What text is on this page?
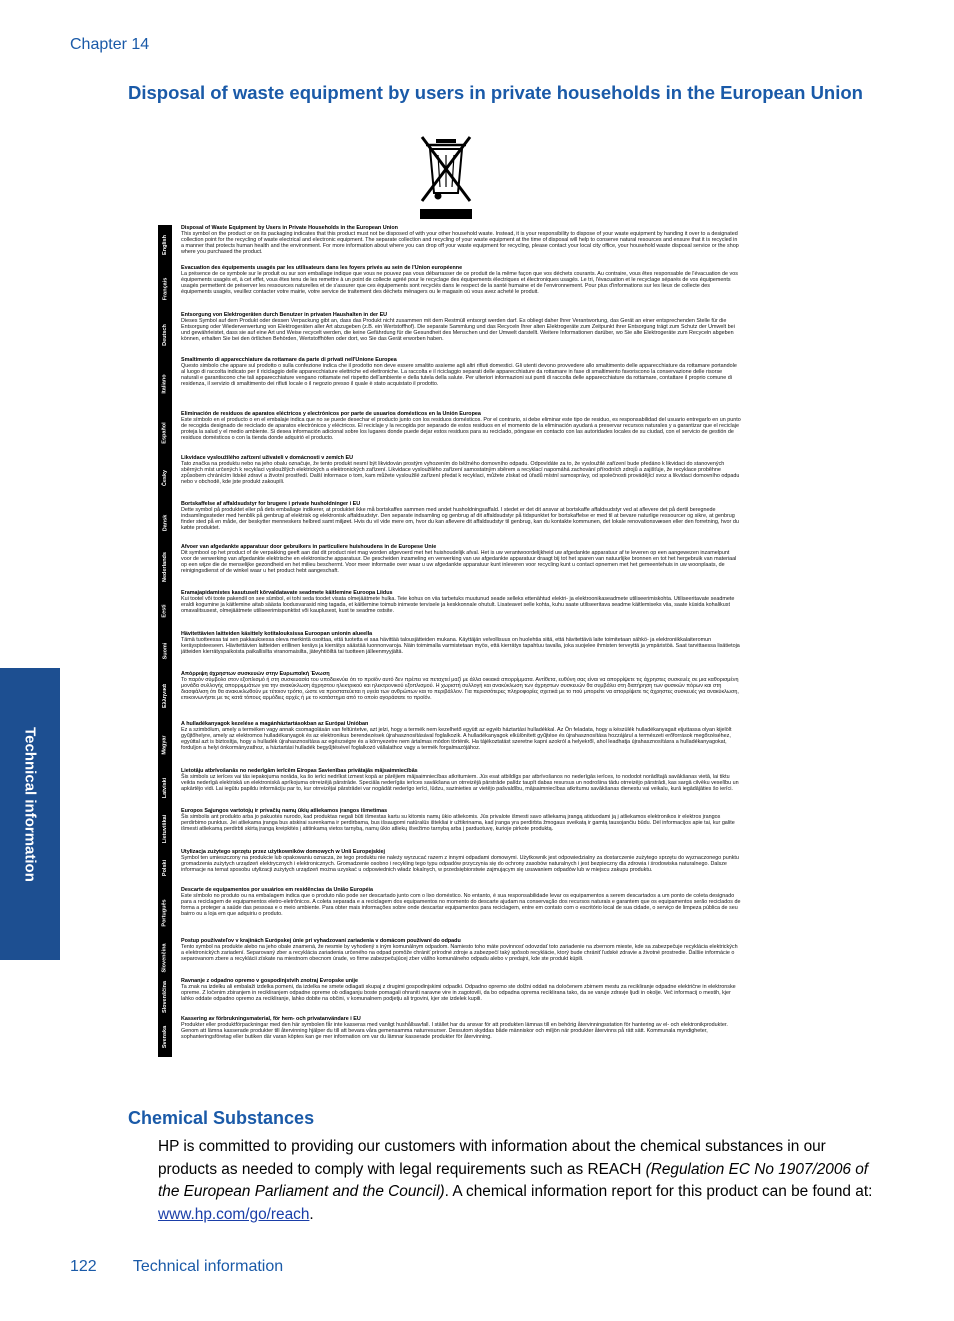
Chapter 14
Disposal of waste equipment by users in private households in the European Union
English
Français
Deutsch
Italiano
Español
Česky
Dansk
Nederlands
Eesti
Suomi
Ελληνικά
Magyar
Latviski
Lietuviškai
Polski
Português
Slovenčina
Slovenščina
Svenska
Disposal of Waste Equipment by Users in Private Households in the European Union
This symbol on the product or on its packaging indicates that this product must not be disposed of with your other household waste. Instead, it is your responsibility to dispose of your waste equipment by handing it over to a designated collection point for the recycling of waste electrical and electronic equipment. The separate collection and recycling of your waste equipment at the time of disposal will help to conserve natural resources and ensure that it is recycled in a manner that protects human health and the environment. For more information about where you can drop off your waste equipment for recycling, please contact your local city office, your household waste disposal service or the shop where you purchased the product.
Évacuation des équipements usagés par les utilisateurs dans les foyers privés au sein de l'Union européenne
La présence de ce symbole sur le produit ou sur son emballage indique que vous ne pouvez pas vous débarrasser de ce produit de la même façon que vos déchets courants. Au contraire, vous êtes responsable de l'évacuation de vos équipements usagés et, à cet effet, vous êtes tenu de les remettre à un point de collecte agréé pour le recyclage des équipements électriques et électroniques usagés. Le tri, l'évacuation et le recyclage séparés de vos équipements usagés permettent de préserver les ressources naturelles et de s'assurer que ces équipements sont recyclés dans le respect de la santé humaine et de l'environnement. Pour plus d'informations sur les lieux de collecte des équipements usagés, veuillez contacter votre mairie, votre service de traitement des déchets ménagers ou le magasin où vous avez acheté le produit.
Entsorgung von Elektrogeräten durch Benutzer in privaten Haushalten in der EU
Dieses Symbol auf dem Produkt oder dessen Verpackung gibt an, dass das Produkt nicht zusammen mit dem Restmüll entsorgt werden darf. Es obliegt daher Ihrer Verantwortung, das Gerät an einer entsprechenden Stelle für die Entsorgung oder Wiederverwertung von Elektrogeräten aller Art abzugeben (z.B. ein Wertstoffhof). Die separate Sammlung und das Recyceln Ihrer alten Elektrogeräte zum Zeitpunkt ihrer Entsorgung trägt zum Schutz der Umwelt bei und gewährleistet, dass sie auf eine Art und Weise recycelt werden, die keine Gefährdung für die Gesundheit des Menschen und der Umwelt darstellt. Weitere Informationen darüber, wo Sie alte Elektrogeräte zum Recyceln abgeben können, erhalten Sie bei den örtlichen Behörden, Wertstoffhöfen oder dort, wo Sie das Gerät erworben haben.
Smaltimento di apparecchiature da rottamare da parte di privati nell'Unione Europea
Questo simbolo che appare sul prodotto o sulla confezione indica che il prodotto non deve essere smaltito assieme agli altri rifiuti domestici. Gli utenti devono provvedere allo smaltimento delle apparecchiature da rottamare portandole al luogo di raccolta indicato per il riciclaggio delle apparecchiature elettriche ed elettroniche. La raccolta e il riciclaggio separati delle apparecchiature da rottamare in fase di smaltimento favoriscono la conservazione delle risorse naturali e garantiscono che tali apparecchiature vengano rottamate nel rispetto dell'ambiente e della tutela della salute. Per ulteriori informazioni sui punti di raccolta delle apparecchiature da rottamare, contattare il proprio comune di residenza, il servizio di smaltimento dei rifiuti locale o il negozio presso il quale è stato acquistato il prodotto.
Eliminación de residuos de aparatos eléctricos y electrónicos por parte de usuarios domésticos en la Unión Europea
Este símbolo en el producto o en el embalaje indica que no se puede desechar el producto junto con los residuos domésticos. Por el contrario, si debe eliminar este tipo de residuo, es responsabilidad del usuario entregarlo en un punto de recogida designado de reciclado de aparatos electrónicos y eléctricos. El reciclaje y la recogida por separado de estos residuos en el momento de la eliminación ayudará a preservar recursos naturales y a garantizar que el reciclaje proteja la salud y el medio ambiente. Si desea información adicional sobre los lugares donde puede dejar estos residuos para su reciclado, póngase en contacto con las autoridades locales de su ciudad, con el servicio de gestión de residuos domésticos o con la tienda donde adquirió el producto.
Likvidace vysloužilého zařízení uživateli v domácnosti v zemích EU
Tato značka na produktu nebo na jeho obalu označuje, že tento produkt nesmí být likvidován prostým vyhozením do běžného domovního odpadu. Odpovídáte za to, že vysloužilé zařízení bude předáno k likvidaci do stanovených sběrných míst určených k recyklaci vysloužilých elektrických a elektronických zařízení. Likvidace vysloužilého zařízení samostatným sběrem a recyklací napomáhá zachování přírodních zdrojů a zajišťuje, že recyklace proběhne způsobem chránícím lidské zdraví a životní prostředí. Další informace o tom, kam můžete vysloužilé zařízení předat k recyklaci, můžete získat od úřadů místní samosprávy, od společnosti provádějící svoz a likvidaci domovního odpadu nebo v obchodě, kde jste produkt zakoupili.
Bortskaffelse af affaldsudstyr for brugere i private husholdninger i EU
Dette symbol på produktet eller på dets emballage indikerer, at produktet ikke må bortskaffes sammen med andet husholdningsaffald. I stedet er det dit ansvar at bortskaffe affaldsudstyr ved at aflevere det på dertil beregnede indsamlingssteder med henblik på genbrug af elektrisk og elektronisk affaldsudstyr. Den separate indsamling og genbrug af dit affaldsudstyr på tidspunktet for bortskaffelse er med til at bevare naturlige ressourcer og sikre, at genbrug finder sted på en måde, der beskytter menneskers helbred samt miljøet. Hvis du vil vide mere om, hvor du kan aflevere dit affaldsudstyr til genbrug, kan du kontakte kommunen, det lokale renovationsvæsen eller den forretning, hvor du købte produktet.
Afvoer van afgedankte apparatuur door gebruikers in particuliere huishoudens in de Europese Unie
Dit symbool op het product of de verpakking geeft aan dat dit product niet mag worden afgevoerd met het huishoudelijk afval. Het is uw verantwoordelijkheid uw afgedankte apparatuur af te leveren op een aangewezen inzamelpunt voor de verwerking van afgedankte elektrische en elektronische apparatuur. De gescheiden inzameling en verwerking van uw afgedankte apparatuur draagt bij tot het sparen van natuurlijke bronnen en tot het hergebruik van materiaal op een wijze die de menselijke gezondheid en het milieu beschermt. Voor meer informatie over waar u uw afgedankte apparatuur kunt inleveren voor recycling kunt u contact opnemen met het gemeentehuis in uw woonplaats, de reinigingsdienst of de winkel waar u het product hebt aangeschaft.
Eramajapidamistes kasutuselt kõrvaldatavate seadmete käitlemine Euroopa Liidus
Kui tootel või toote pakendil on see sümbol, ei tohi seda toodet visata olmejäätmete hulka. Teie kohus on viia tarbetuks muutunud seade selleks ettenähtud elektri- ja elektroonikaseadmete utiliseerimiskohta. Utiliseeritavate seadmete eraldi kogumine ja käitlemine aitab säästa loodusvarasid ning tagada, et käitlemine toimub inimeste tervisele ja keskkonnale ohutult. Lisateavet selle kohta, kuhu saate utiliseeritava seadme käitlemiseks viia, saate küsida kohalikust omavalitsusest, olmejäätmete utiliseerimispunktist või kauplusest, kust te seadme ostsite.
Hävitettävien laitteiden käsittely kotitalouksissa Euroopan unionin alueella
Tämä tuotteessa tai sen pakkauksessa oleva merkintä osoittaa, että tuotetta ei saa hävittää talousjätteiden mukana. Käyttäjän velvollisuus on huolehtia siitä, että hävitettävä laite toimitetaan sähkö- ja elektroniikkalaiteromun keräyspisteeseen. Hävitettävien laitteiden erillinen keräys ja kierrätys säästää luonnonvaroja. Näin toimimalla varmistetaan myös, että kierrätys tapahtuu tavalla, joka suojelee ihmisten terveyttä ja ympäristöä. Saat tarvittaessa lisätietoja jätteiden kierrätyspaikoista paikallisilta viranomaisilta, jäteyhtiöiltä tai tuotteen jälleenmyyjältä.
Απόρριψη άχρηστων συσκευών στην Ευρωπαϊκή Ένωση
Το παρόν σύμβολο στον εξοπλισμό ή στη συσκευασία του υποδεικνύει ότι το προϊόν αυτό δεν πρέπει να πεταχτεί μαζί με άλλα οικιακά απορρίμματα. Αντίθετα, ευθύνη σας είναι να απορρίψετε τις άχρηστες συσκευές σε μια καθορισμένη μονάδα συλλογής απορριμμάτων για την ανακύκλωση άχρηστου ηλεκτρικού και ηλεκτρονικού εξοπλισμού. Η χωριστή συλλογή και ανακύκλωση των άχρηστων συσκευών θα συμβάλει στη διατήρηση των φυσικών πόρων και στη διασφάλιση ότι θα ανακυκλωθούν με τέτοιον τρόπο, ώστε να προστατεύεται η υγεία των ανθρώπων και το περιβάλλον. Για περισσότερες πληροφορίες σχετικά με το πού μπορείτε να απορρίψετε τις άχρηστες συσκευές για ανακύκλωση, επικοινωνήστε με τις κατά τόπους αρμόδιες αρχές ή με το κατάστημα από το οποίο αγοράσατε το προϊόν.
A hulladékanyagok kezelése a magánháztartásokban az Európai Unióban
Ez a szimbólum, amely a terméken vagy annak csomagolásán van feltüntetve, azt jelzi, hogy a termék nem kezelhető együtt az egyéb háztartási hulladékkal. Az Ön feladata, hogy a készülék hulladékanyagait eljuttassa olyan kijelölt gyűjtőhelyre, amely az elektromos hulladékanyagok és az elektronikus berendezések újrahasznosításával foglalkozik. A hulladékanyagok elkülönített gyűjtése és újrahasznosítása hozzájárul a természeti erőforrások megőrzéséhez, egyúttal azt is biztosítja, hogy a hulladék újrahasznosítása az egészségre és a környezetre nem ártalmas módon történik. Ha tájékoztatást szeretne kapni azokról a helyekről, ahol leadhatja újrahasznosításra a hulladékanyagokat, forduljon a helyi önkormányzathoz, a háztartási hulladék begyűjtésével foglalkozó vállalathoz vagy a termék forgalmazójához.
Lietotāju atbrīvošanās no nederīgām ierīcēm Eiropas Savienības privātajās mājsaimniecībās
Šis simbols uz ierīces vai tās iepakojuma norāda, ka šo ierīci nedrīkst izmest kopā ar pārējiem mājsaimniecības atkritumiem. Jūs esat atbildīgs par atbrīvošanos no nederīgās ierīces, to nododot norādītajā savākšanas vietā, lai tiktu veikta nederīgā elektriskā un elektroniskā aprīkojuma otrreizējā pārstrāde. Speciāla nederīgās ierīces savākšana un otrreizējā pārstrāde palīdz taupīt dabas resursus un nodrošina tādu otrreizējo pārstrādi, kas sargā cilvēku veselību un apkārtējo vidi. Lai iegūtu papildu informāciju par to, kur otrreizējai pārstrādei var nogādāt nederīgo ierīci, lūdzu, sazinieties ar vietējo pašvaldību, mājsaimniecības atkritumu savākšanas dienestu vai veikalu, kurā iegādājāties šo ierīci.
Europos Sąjungos vartotojų ir privačių namų ūkių atliekamos įrangos išmetimas
Šis simbolis ant produkto arba jo pakuotės nurodo, kad produktas negali būti išmestas kartu su kitomis namų ūkio atliekomis. Jūs privalote išmesti savo atliekamą įrangą atiduodami ją į atliekamos elektronikos ir elektros įrangos perdirbimo punktus. Jei atliekama įranga bus atskirai surenkama ir perdirbama, bus išsaugomi natūralūs ištekliai ir užtikrinama, kad įranga yra perdirbta žmogaus sveikatą ir gamtą tausojančiu būdu. Dėl informacijos apie tai, kur galite išmesti atliekamą perdirbti skirtą įrangą kreipkitės į atitinkamą vietos tarnybą, namų ūkio atliekų išvežimo tarnybą arba į parduotuvę, kurioje pirkote produktą.
Utylizacja zużytego sprzętu przez użytkowników domowych w Unii Europejskiej
Symbol ten umieszczony na produkcie lub opakowaniu oznacza, że tego produktu nie należy wyrzucać razem z innymi odpadami domowymi. Użytkownik jest odpowiedzialny za dostarczenie zużytego sprzętu do wyznaczonego punktu gromadzenia zużytych urządzeń elektrycznych i elektronicznych. Gromadzenie osobno i recykling tego typu odpadów przyczynia się do ochrony zasobów naturalnych i jest bezpieczny dla zdrowia i środowiska naturalnego. Dalsze informacje na temat sposobu utylizacji zużytych urządzeń można uzyskać u odpowiednich władz lokalnych, w przedsiębiorstwie zajmującym się usuwaniem odpadów lub w miejscu zakupu produktu.
Descarte de equipamentos por usuários em residências da União Européia
Este símbolo no produto ou na embalagem indica que o produto não pode ser descartado junto com o lixo doméstico. No entanto, é sua responsabilidade levar os equipamentos a serem descartados a um ponto de coleta designado para a reciclagem de equipamentos eletro-eletrônicos. A coleta separada e a reciclagem dos equipamentos no momento do descarte ajudam na conservação dos recursos naturais e garantem que os equipamentos serão reciclados de forma a proteger a saúde das pessoas e o meio ambiente. Para obter mais informações sobre onde descartar equipamentos para reciclagem, entre em contato com o escritório local de sua cidade, o serviço de limpeza pública de seu bairro ou a loja em que adquiriu o produto.
Postup používateľov v krajinách Európskej únie pri vyhadzovaní zariadenia v domácom používaní do odpadu
Tento symbol na produkte alebo na jeho obale znamená, že nesmie by vyhodený s iným komunálnym odpadom. Namiesto toho máte povinnosť odovzdať toto zariadenie na zbernom mieste, kde sa zabezpečuje recyklácia elektrických a elektronických zariadení. Separovaný zber a recyklácia zariadenia určeného na odpad pomôže chrániť prírodné zdroje a zabezpečí taký spôsob recyklácie, ktorý bude chrániť ľudské zdravie a životné prostredie. Ďalšie informácie o separovanom zbere a recyklácii získate na miestnom obecnom úrade, vo firme zabezpečujúcej zber vášho komunálneho odpadu alebo v predajni, kde ste produkt kúpili.
Ravnanje z odpadno opremo v gospodinjstvih znotraj Evropske unije
Ta znak na izdelku ali embalaži izdelka pomeni, da izdelka ne smete odlagati skupaj z drugimi gospodinjskimi odpadki. Odpadno opremo ste dolžni oddati na določenem zbirnem mestu za recikliranje odpadne električne in elektronske opreme. Z ločenim zbiranjem in recikliranjem odpadne opreme ob odlaganju boste pomagali ohraniti naravne vire in zagotovili, da bo odpadna oprema reciklirana tako, da se varuje zdravje ljudi in okolje. Več informacij o mestih, kjer lahko oddate odpadno opremo za recikliranje, lahko dobite na občini, v komunalnem podjetju ali trgovini, kjer ste izdelek kupili.
Kassering av förbrukningsmaterial, för hem- och privatanvändare i EU
Produkter eller produktförpackningar med den här symbolen får inte kasseras med vanligt hushållsavfall. I stället har du ansvar för att produkten lämnas till en behörig återvinningsstation för hantering av el- och elektronikprodukter. Genom att lämna kasserade produkter till återvinning hjälper du till att bevara våra gemensamma naturresurser. Dessutom skyddas både människor och miljön när produkter återvinns på rätt sätt. Kommunala myndigheter, sophanteringsföretag eller butiken där varan köptes kan ge mer information om var du lämnar kasserade produkter för återvinning.
Technical information
Chemical Substances
HP is committed to providing our customers with information about the chemical substances in our products as needed to comply with legal requirements such as REACH (Regulation EC No 1907/2006 of the European Parliament and the Council). A chemical information report for this product can be found at: www.hp.com/go/reach.
122 Technical information
